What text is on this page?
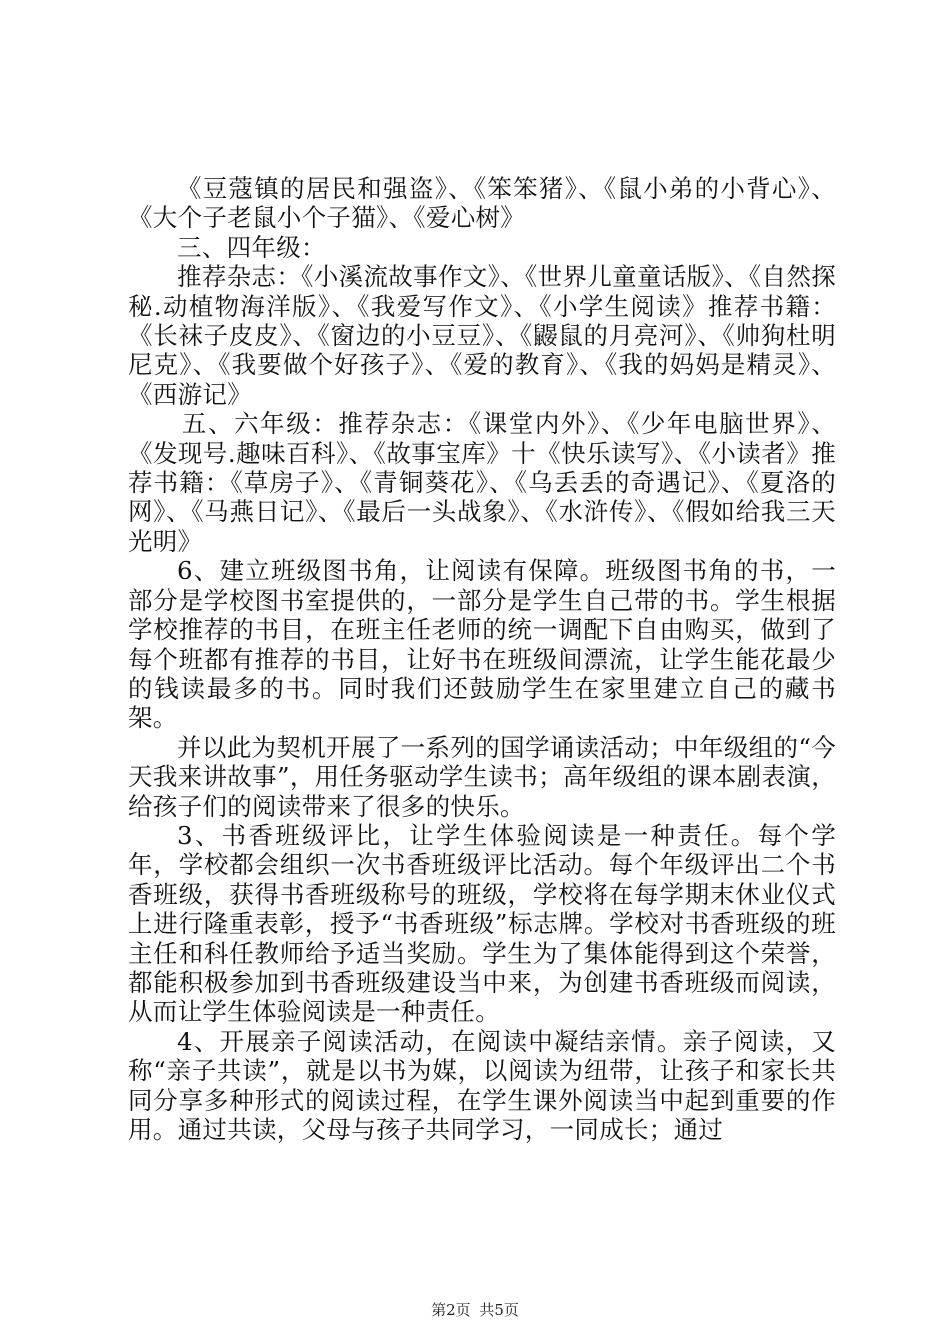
《豆蔻镇的居民和强盗》、《笨笨猪》、《鼠小弟的小背心》、《大个子老鼠小个子猫》、《爱心树》

三、四年级：

推荐杂志：《小溪流故事作文》、《世界儿童童话版》、《自然探秘.动植物海洋版》、《我爱写作文》、《小学生阅读》推荐书籍：《长袜子皮皮》、《窗边的小豆豆》、《鼹鼠的月亮河》、《帅狗杜明尼克》、《我要做个好孩子》、《爱的教育》、《我的妈妈是精灵》、《西游记》

五、六年级：推荐杂志：《课堂内外》、《少年电脑世界》、《发现号.趣味百科》、《故事宝库》十《快乐读写》、《小读者》推荐书籍：《草房子》、《青铜葵花》、《乌丢丢的奇遇记》、《夏洛的网》、《马燕日记》、《最后一头战象》、《水浒传》、《假如给我三天光明》

6、建立班级图书角，让阅读有保障。班级图书角的书，一部分是学校图书室提供的，一部分是学生自己带的书。学生根据学校推荐的书目，在班主任老师的统一调配下自由购买，做到了每个班都有推荐的书目，让好书在班级间漂流，让学生能花最少的钱读最多的书。同时我们还鼓励学生在家里建立自己的藏书架。

并以此为契机开展了一系列的国学诵读活动；中年级组的“今天我来讲故事”，用任务驱动学生读书；高年级组的课本剧表演，给孩子们的阅读带来了很多的快乐。

3、书香班级评比，让学生体验阅读是一种责任。每个学年，学校都会组织一次书香班级评比活动。每个年级评出二个书香班级，获得书香班级称号的班级，学校将在每学期末休业仪式上进行隆重表彰，授予“书香班级”标志牌。学校对书香班级的班主任和科任教师给予适当奖励。学生为了集体能得到这个荣誉，都能积极参加到书香班级建设当中来，为创建书香班级而阅读，从而让学生体验阅读是一种责任。

4、开展亲子阅读活动，在阅读中凝结亲情。亲子阅读，又称“亲子共读”，就是以书为媒，以阅读为纽带，让孩子和家长共同分享多种形式的阅读过程，在学生课外阅读当中起到重要的作用。通过共读，父母与孩子共同学习，一同成长；通过

第2页 共5页
